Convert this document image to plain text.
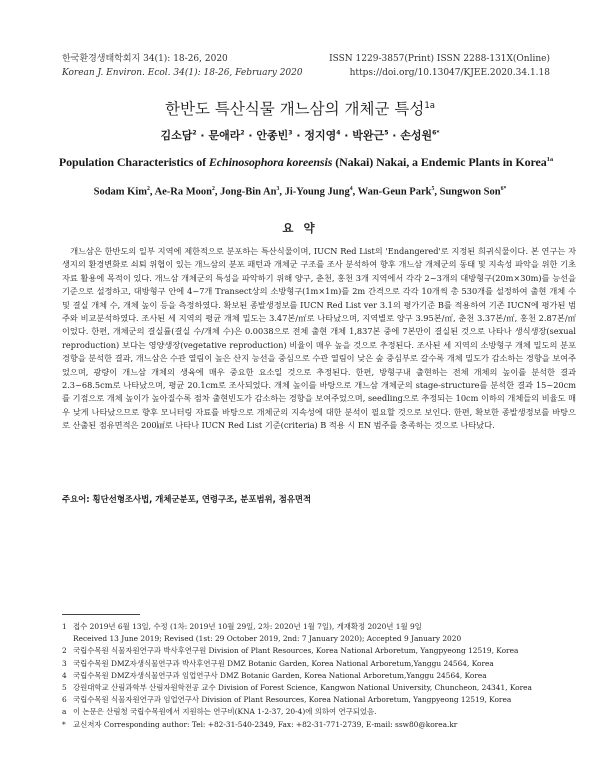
한국환경생태학회지 34(1): 18-26, 2020
Korean J. Environ. Ecol. 34(1): 18-26, February 2020
ISSN 1229-3857(Print) ISSN 2288-131X(Online)
https://doi.org/10.13047/KJEE.2020.34.1.18
한반도 특산식물 개느삼의 개체군 특성$^{1a}$
김소담$^2$ · 문애라$^2$ · 안종빈$^3$ · 정지영$^4$ · 박완근$^5$ · 손성원$^{6*}$
Population Characteristics of Echinosophora koreensis (Nakai) Nakai, a Endemic Plants in Korea$^{1a}$
Sodam Kim$^2$, Ae-Ra Moon$^2$, Jong-Bin An$^3$, Ji-Young Jung$^4$, Wan-Geun Park$^5$, Sungwon Son$^{6*}$
요 약
개느삼은 한반도의 일부 지역에 제한적으로 분포하는 특산식물이며, IUCN Red List의 'Endangered'로 지정된 희귀식물이다. 본 연구는 자생지의 환경변화로 쇠퇴 위협이 있는 개느삼의 분포 패턴과 개체군 구조를 조사 분석하여 향후 개느삼 개체군의 동태 및 지속성 파악을 위한 기초 자료 활용에 목적이 있다. 개느삼 개체군의 특성을 파악하기 위해 양구, 춘천, 홍천 3개 지역에서 각각 2~3개의 대방형구(20m×30m)를 능선을 기준으로 설정하고, 대방형구 안에 4~7개 Transect상의 소방형구(1m×1m)를 2m 간격으로 각각 10개씩 총 530개를 설정하여 출현 개체 수 및 결실 개체 수, 개체 높이 등을 측정하였다. 확보된 종발생정보를 IUCN Red List ver 3.1의 평가기준 B를 적용하여 기존 IUCN에 평가된 범주와 비교분석하였다. 조사된 세 지역의 평균 개체 밀도는 3.47본/㎡로 나타났으며, 지역별로 양구 3.95본/㎡, 춘천 3.37본/㎡, 홍천 2.87본/㎡이었다. 한편, 개체군의 결실률(결실 수/개체 수)은 0.0038으로 전체 출현 개체 1,837본 중에 7본만이 결실된 것으로 나타나 생식생장(sexual reproduction) 보다는 영양생장(vegetative reproduction) 비율이 매우 높을 것으로 추정된다. 조사된 세 지역의 소방형구 개체 밀도의 분포 경향을 분석한 결과, 개느삼은 수관 열림이 높은 산지 능선을 중심으로 수관 열림이 낮은 숲 중심부로 갈수록 개체 밀도가 감소하는 경향을 보여주었으며, 광량이 개느삼 개체의 생육에 매우 중요한 요소일 것으로 추정된다. 한편, 방형구내 출현하는 전체 개체의 높이를 분석한 결과 2.3~68.5cm로 나타났으며, 평균 20.1cm로 조사되었다. 개체 높이를 바탕으로 개느삼 개체군의 stage-structure를 분석한 결과 15~20cm를 기점으로 개체 높이가 높아질수록 점차 출현빈도가 감소하는 경향을 보여주었으며, seedling으로 추정되는 10cm 이하의 개체들의 비율도 매우 낮게 나타났으므로 향후 모니터링 자료를 바탕으로 개체군의 지속성에 대한 분석이 필요할 것으로 보인다. 한편, 확보한 종발생정보를 바탕으로 산출된 점유면적은 200㎢로 나타나 IUCN Red List 기준(criteria) B 적용 시 EN 범주를 충족하는 것으로 나타났다.
주요어: 횡단선형조사법, 개체군분포, 연령구조, 분포범위, 점유면적
1 접수 2019년 6월 13일, 수정 (1차: 2019년 10월 29일, 2차: 2020년 1월 7일), 게재확정 2020년 1월 9일
Received 13 June 2019; Revised (1st: 29 October 2019, 2nd: 7 January 2020); Accepted 9 January 2020
2 국립수목원 식물자원연구과 박사후연구원 Division of Plant Resources, Korea National Arboretum, Yangpyeong 12519, Korea
3 국립수목원 DMZ자생식물연구과 박사후연구원 DMZ Botanic Garden, Korea National Arboretum,Yanggu 24564, Korea
4 국립수목원 DMZ자생식물연구과 임업연구사 DMZ Botanic Garden, Korea National Arboretum,Yanggu 24564, Korea
5 강원대학교 산림과학부 산림자원학전공 교수 Division of Forest Science, Kangwon National University, Chuncheon, 24341, Korea
6 국립수목원 식물자원연구과 임업연구사 Division of Plant Resources, Korea National Arboretum, Yangpyeong 12519, Korea
a 이 논문은 산림청 국립수목원에서 지원하는 연구비(KNA 1-2-37, 20-4)에 의하여 연구되었음.
* 교신저자 Corresponding author: Tel: +82-31-540-2349, Fax: +82-31-771-2739, E-mail: ssw80@korea.kr
